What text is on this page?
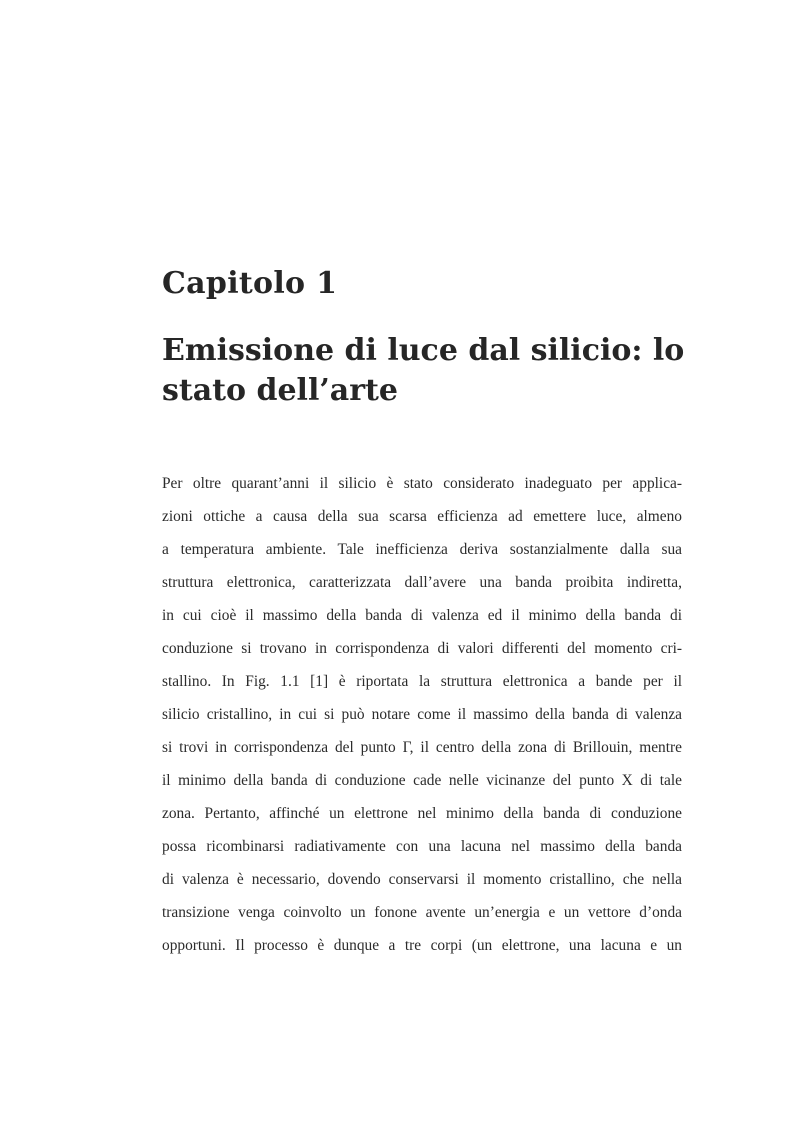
Capitolo 1
Emissione di luce dal silicio: lo
stato dell’arte
Per oltre quarant’anni il silicio è stato considerato inadeguato per applica-
zioni ottiche a causa della sua scarsa efficienza ad emettere luce, almeno
a temperatura ambiente. Tale inefficienza deriva sostanzialmente dalla sua
struttura elettronica, caratterizzata dall’avere una banda proibita indiretta,
in cui cioè il massimo della banda di valenza ed il minimo della banda di
conduzione si trovano in corrispondenza di valori differenti del momento cri-
stallino. In Fig. 1.1 [1] è riportata la struttura elettronica a bande per il
silicio cristallino, in cui si può notare come il massimo della banda di valenza
si trovi in corrispondenza del punto Γ, il centro della zona di Brillouin, mentre
il minimo della banda di conduzione cade nelle vicinanze del punto X di tale
zona. Pertanto, affinché un elettrone nel minimo della banda di conduzione
possa ricombinarsi radiativamente con una lacuna nel massimo della banda
di valenza è necessario, dovendo conservarsi il momento cristallino, che nella
transizione venga coinvolto un fonone avente un’energia e un vettore d’onda
opportuni. Il processo è dunque a tre corpi (un elettrone, una lacuna e un
